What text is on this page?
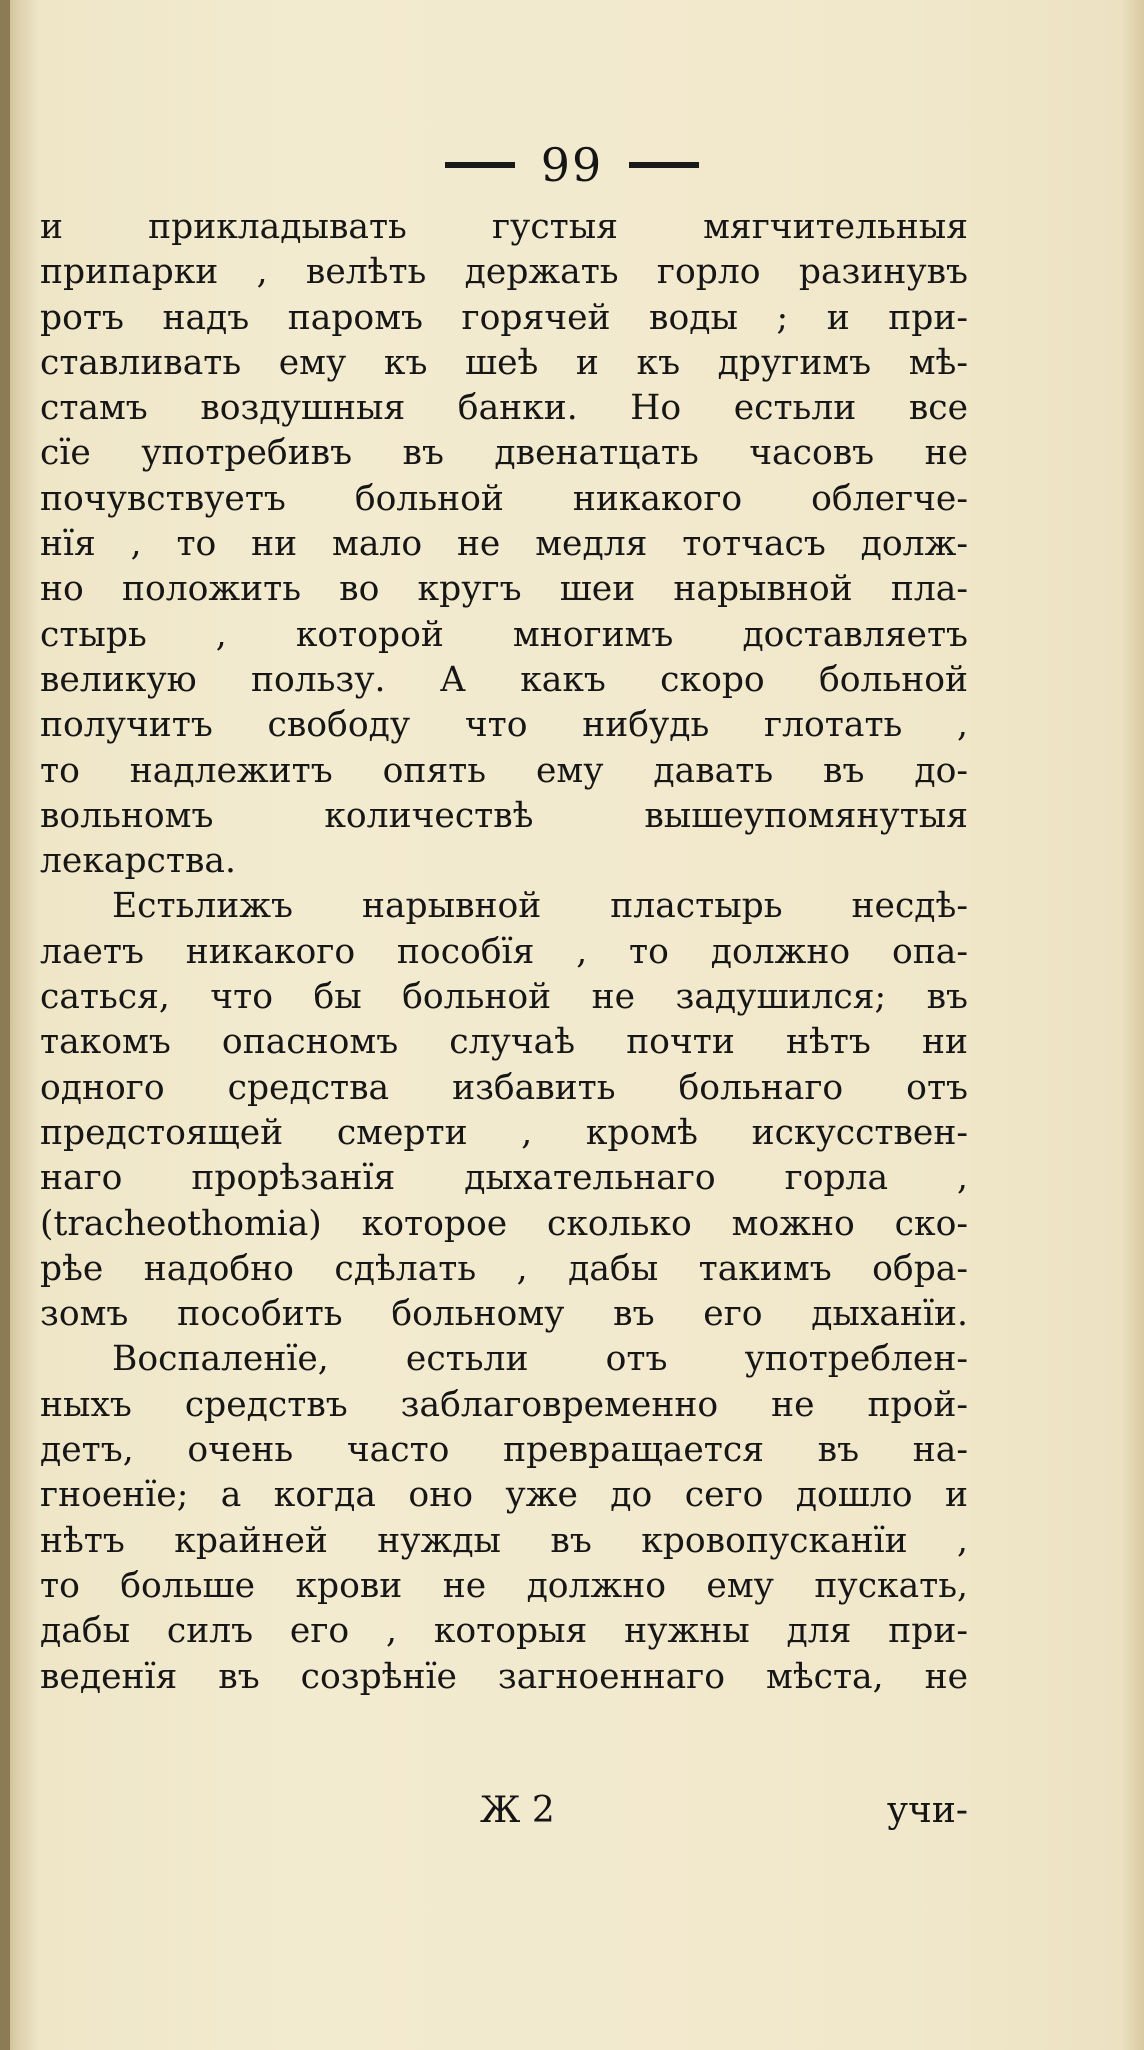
99
и прикладывать густыя мягчительныя
припарки , велѣть держать горло разинувъ
ротъ надъ паромъ горячей воды ; и при-
ставливать ему къ шеѣ и къ другимъ мѣ-
стамъ воздушныя банки. Но естьли все
сïе употребивъ въ двенатцать часовъ не
почувствуетъ больной никакого облегче-
нïя , то ни мало не медля тотчасъ долж-
но положить во кругъ шеи нарывной пла-
стырь , которой многимъ доставляетъ
великую пользу. А какъ скоро больной
получитъ свободу что нибудь глотать ,
то надлежитъ опять ему давать въ до-
вольномъ количествѣ вышеупомянутыя
лекарства.
Естьлижъ нарывной пластырь несдѣ-
лаетъ никакого пособïя , то должно опа-
саться, что бы больной не задушился; въ
такомъ опасномъ случаѣ почти нѣтъ ни
одного средства избавить больнаго отъ
предстоящей смерти , кромѣ искусствен-
наго прорѣзанïя дыхательнаго горла ,
(tracheothomia) которое сколько можно ско-
рѣе надобно сдѣлать , дабы такимъ обра-
зомъ пособить больному въ его дыханïи.
Воспаленïе, естьли отъ употреблен-
ныхъ средствъ заблаговременно не прой-
детъ, очень часто превращается въ на-
гноенïе; а когда оно уже до сего дошло и
нѣтъ крайней нужды въ кровопусканïи ,
то больше крови не должно ему пускать,
дабы силъ его , которыя нужны для при-
веденïя въ созрѣнïе загноеннаго мѣста, не
Ж 2	учи-
